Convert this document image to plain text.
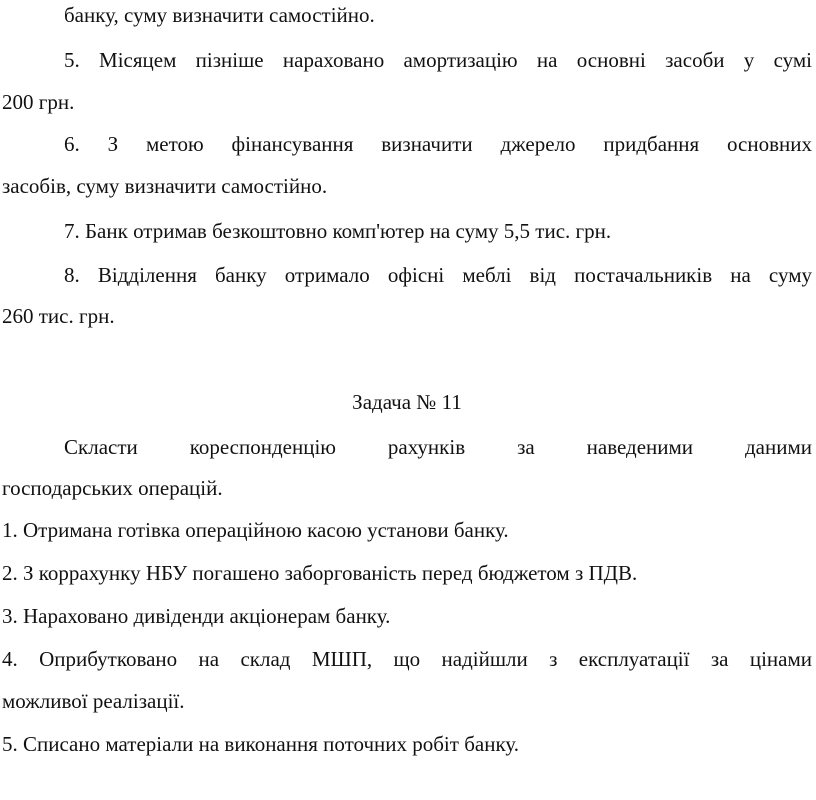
банку, суму визначити самостійно.
5. Місяцем пізніше нараховано амортизацію на основні засоби у сумі
200 грн.
6. З метою фінансування визначити джерело придбання основних
засобів, суму визначити самостійно.
7. Банк отримав безкоштовно комп'ютер на суму 5,5 тис. грн.
8. Відділення банку отримало офісні меблі від постачальників на суму
260 тис. грн.
Задача № 11
Скласти кореспонденцію рахунків за наведеними даними
господарських операцій.
1. Отримана готівка операційною касою установи банку.
2. З коррахунку НБУ погашено заборгованість перед бюджетом з ПДВ.
3. Нараховано дивіденди акціонерам банку.
4. Оприбутковано на склад МШП, що надійшли з експлуатації за цінами
можливої реалізації.
5. Списано матеріали на виконання поточних робіт банку.
